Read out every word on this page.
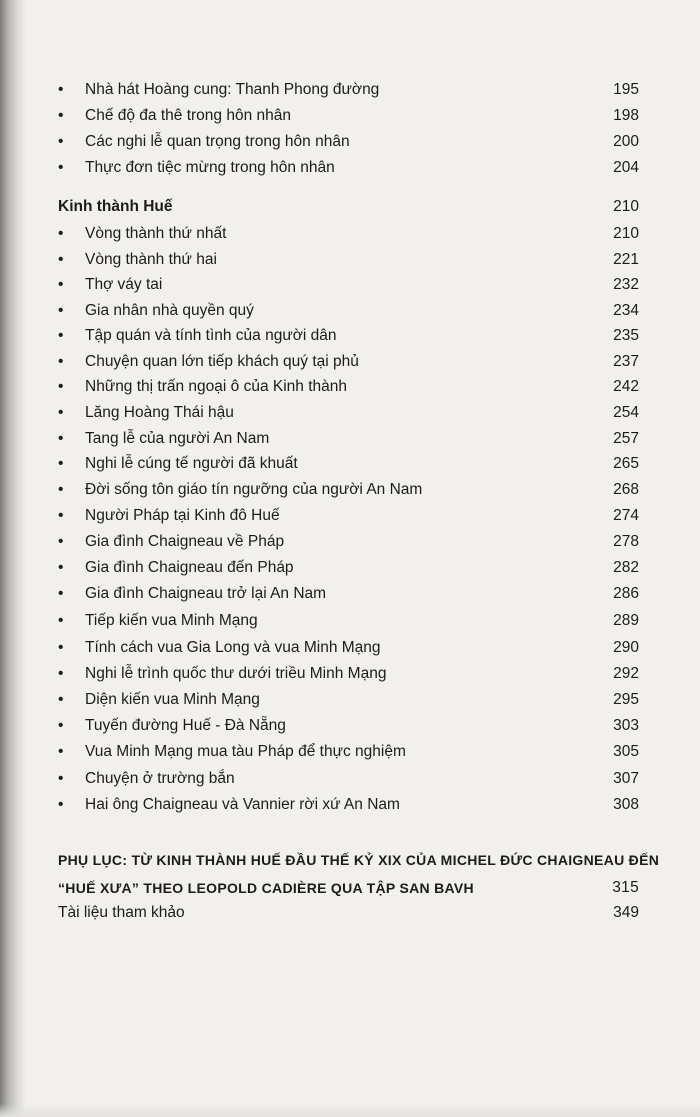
•	Nhà hát Hoàng cung: Thanh Phong đường	195
•	Chế độ đa thê trong hôn nhân	198
•	Các nghi lễ quan trọng trong hôn nhân	200
•	Thực đơn tiệc mừng trong hôn nhân	204
Kinh thành Huế	210
•	Vòng thành thứ nhất	210
•	Vòng thành thứ hai	221
•	Thợ váy tai	232
•	Gia nhân nhà quyền quý	234
•	Tập quán và tính tình của người dân	235
•	Chuyện quan lớn tiếp khách quý tại phủ	237
•	Những thị trấn ngoại ô của Kinh thành	242
•	Lăng Hoàng Thái hậu	254
•	Tang lễ của người An Nam	257
•	Nghi lễ cúng tế người đã khuất	265
•	Đời sống tôn giáo tín ngưỡng của người An Nam	268
•	Người Pháp tại Kinh đô Huế	274
•	Gia đình Chaigneau về Pháp	278
•	Gia đình Chaigneau đến Pháp	282
•	Gia đình Chaigneau trở lại An Nam	286
•	Tiếp kiến vua Minh Mạng	289
•	Tính cách vua Gia Long và vua Minh Mạng	290
•	Nghi lễ trình quốc thư dưới triều Minh Mạng	292
•	Diện kiến vua Minh Mạng	295
•	Tuyến đường Huế - Đà Nẵng	303
•	Vua Minh Mạng mua tàu Pháp để thực nghiệm	305
•	Chuyện ở trường bắn	307
•	Hai ông Chaigneau và Vannier rời xứ An Nam	308
PHỤ LỤC: TỪ KINH THÀNH HUẾ ĐẦU THẾ KỶ XIX CỦA MICHEL ĐỨC CHAIGNEAU ĐẾN
“HUẾ XƯA” THEO LEOPOLD CADIÈRE QUA TẬP SAN BAVH	315
Tài liệu tham khảo	349
